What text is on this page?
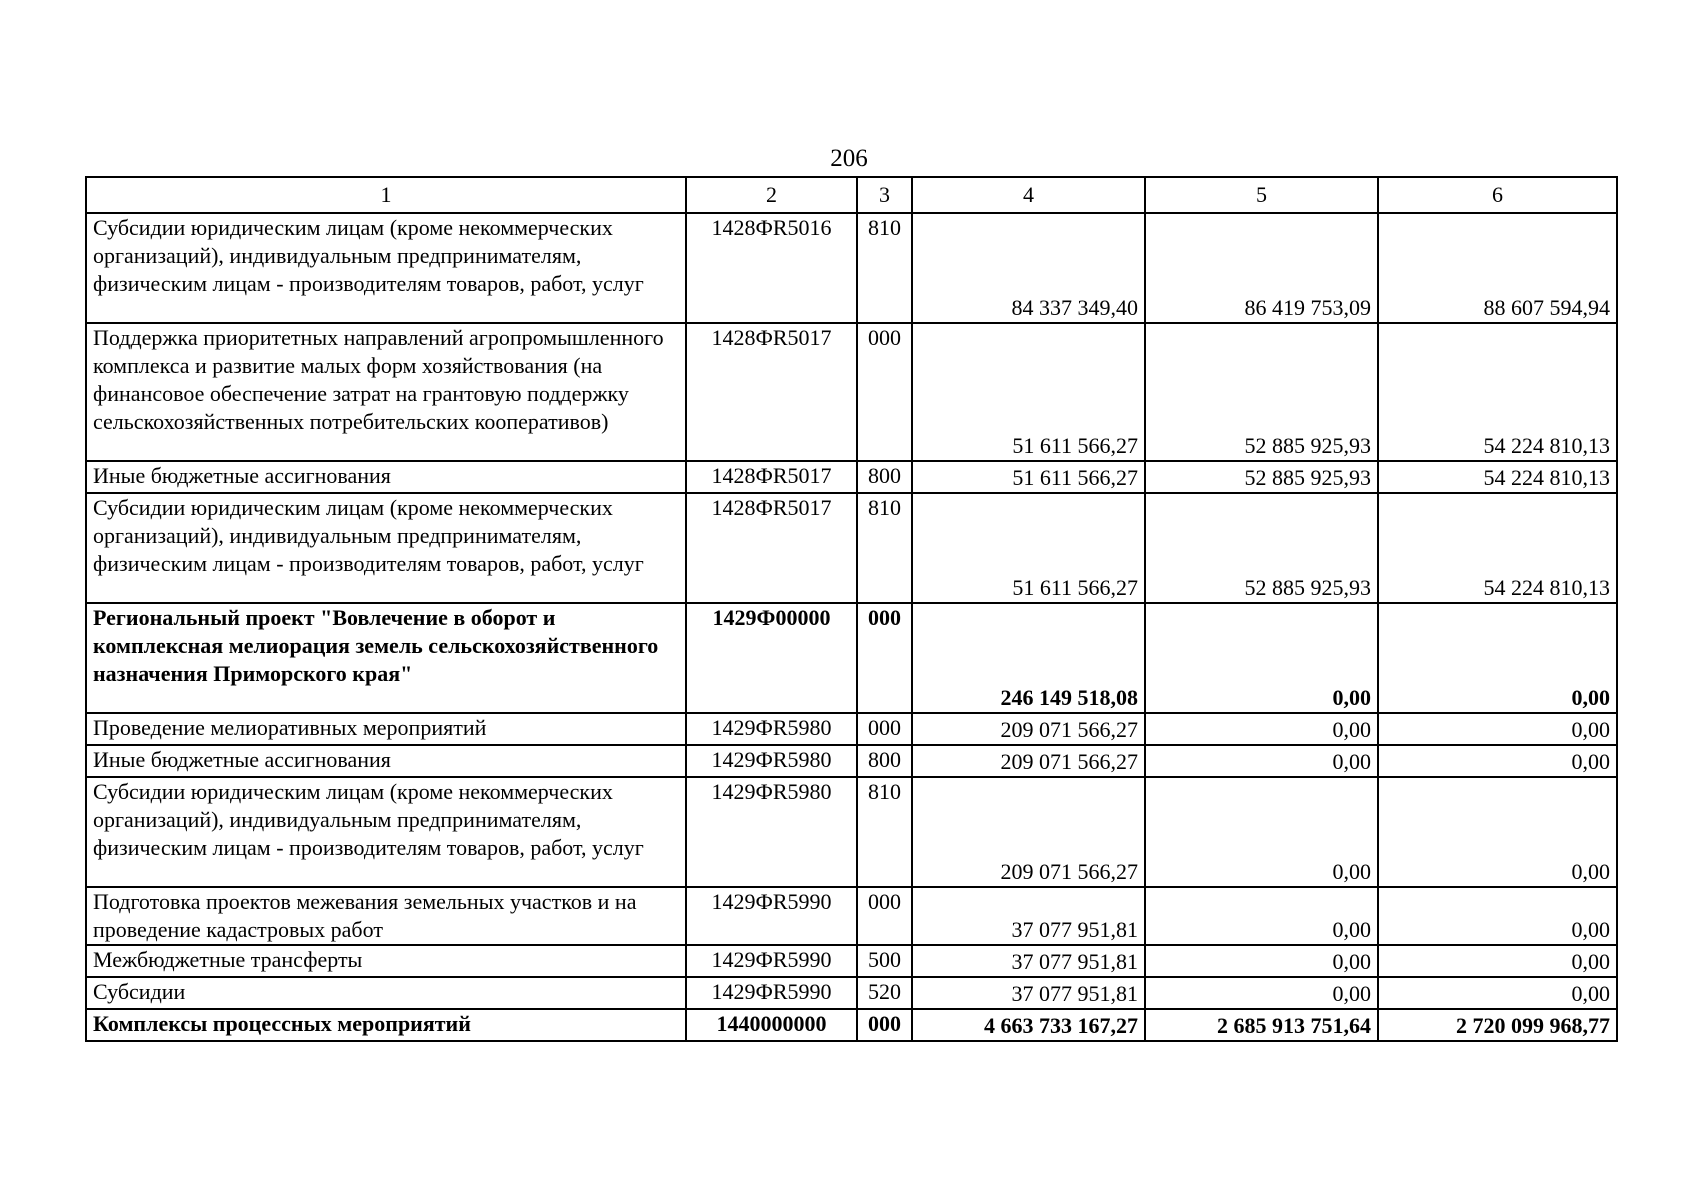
206
1	2	3	4	5	6
Субсидии юридическим лицам (кроме некоммерческих организаций), индивидуальным предпринимателям, физическим лицам - производителям товаров, работ, услуг	1428ФR5016	810	84 337 349,40	86 419 753,09	88 607 594,94
Поддержка приоритетных направлений агропромышленного комплекса и развитие малых форм хозяйствования (на финансовое обеспечение затрат на грантовую поддержку сельскохозяйственных потребительских кооперативов)	1428ФR5017	000	51 611 566,27	52 885 925,93	54 224 810,13
Иные бюджетные ассигнования	1428ФR5017	800	51 611 566,27	52 885 925,93	54 224 810,13
Субсидии юридическим лицам (кроме некоммерческих организаций), индивидуальным предпринимателям, физическим лицам - производителям товаров, работ, услуг	1428ФR5017	810	51 611 566,27	52 885 925,93	54 224 810,13
Региональный проект "Вовлечение в оборот и комплексная мелиорация земель сельскохозяйственного назначения Приморского края"	1429Ф00000	000	246 149 518,08	0,00	0,00
Проведение мелиоративных мероприятий	1429ФR5980	000	209 071 566,27	0,00	0,00
Иные бюджетные ассигнования	1429ФR5980	800	209 071 566,27	0,00	0,00
Субсидии юридическим лицам (кроме некоммерческих организаций), индивидуальным предпринимателям, физическим лицам - производителям товаров, работ, услуг	1429ФR5980	810	209 071 566,27	0,00	0,00
Подготовка проектов межевания земельных участков и на проведение кадастровых работ	1429ФR5990	000	37 077 951,81	0,00	0,00
Межбюджетные трансферты	1429ФR5990	500	37 077 951,81	0,00	0,00
Субсидии	1429ФR5990	520	37 077 951,81	0,00	0,00
Комплексы процессных мероприятий	1440000000	000	4 663 733 167,27	2 685 913 751,64	2 720 099 968,77
